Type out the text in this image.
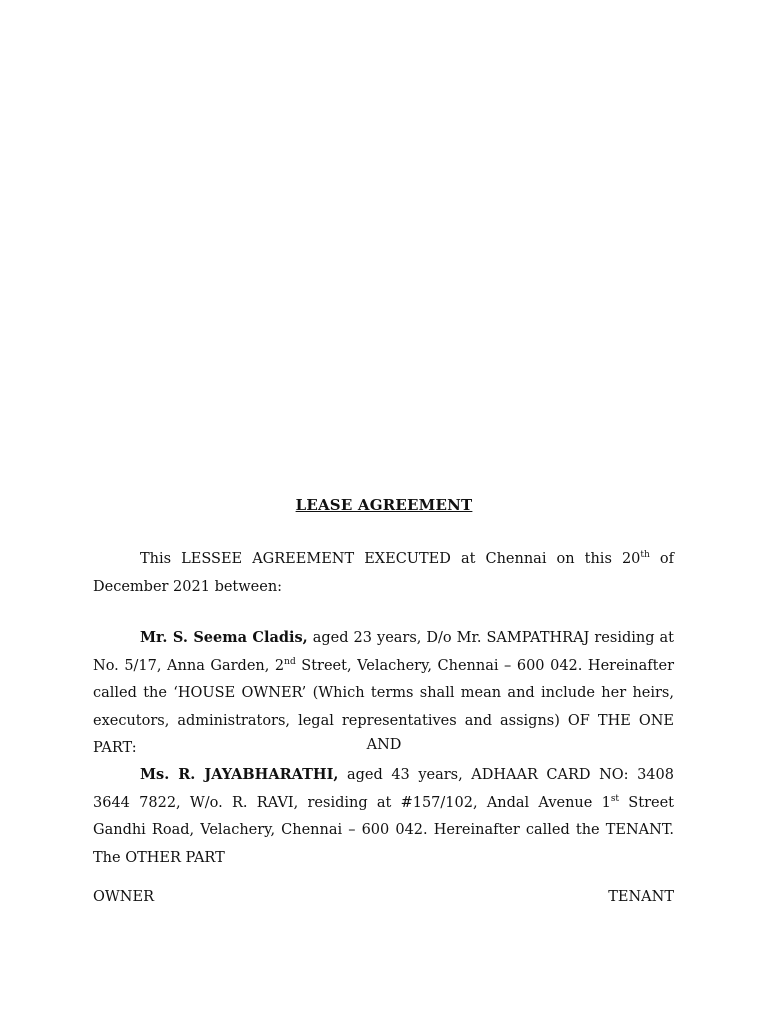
LEASE AGREEMENT

This LESSEE AGREEMENT EXECUTED at Chennai on this 20th of December 2021 between:

Mr. S. Seema Cladis, aged 23 years, D/o Mr. SAMPATHRAJ residing at No. 5/17, Anna Garden, 2nd Street, Velachery, Chennai – 600 042. Hereinafter called the ‘HOUSE OWNER’ (Which terms shall mean and include her heirs, executors, administrators, legal representatives and assigns) OF THE ONE PART:	AND

Ms. R. JAYABHARATHI, aged 43 years, ADHAAR CARD NO: 3408 3644 7822, W/o. R. RAVI, residing at #157/102, Andal Avenue 1st Street Gandhi Road, Velachery, Chennai – 600 042. Hereinafter called the TENANT. The OTHER PART

OWNER	TENANT
